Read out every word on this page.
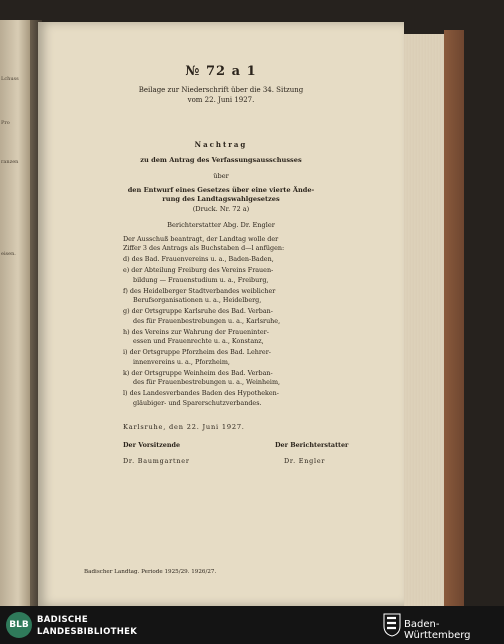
Lchuss
Pro
ranzen
eisen.
№ 72 a 1
Beilage zur Niederschrift über die 34. Sitzung
vom 22. Juni 1927.
Nachtrag
zu dem Antrag des Verfassungsausschusses
über
den Entwurf eines Gesetzes über eine vierte Ände-
rung des Landtagswahlgesetzes
(Druck. Nr. 72 a)
Berichterstatter Abg. Dr. Engler
Der Ausschuß beantragt, der Landtag wolle der
Ziffer 3 des Antrags als Buchstaben d—l anfügen:
d) des Bad. Frauenvereins u. a., Baden-Baden,
e) der Abteilung Freiburg des Vereins Frauen-
bildung — Frauenstudium u. a., Freiburg,
f) des Heidelberger Stadtverbandes weiblicher
Berufsorganisationen u. a., Heidelberg,
g) der Ortsgruppe Karlsruhe des Bad. Verban-
des für Frauenbestrebungen u. a., Karlsruhe,
h) des Vereins zur Wahrung der Fraueninter-
essen und Frauenrechte u. a., Konstanz,
i) der Ortsgruppe Pforzheim des Bad. Lehrer-
innenvereins u. a., Pforzheim,
k) der Ortsgruppe Weinheim des Bad. Verban-
des für Frauenbestrebungen u. a., Weinheim,
l) des Landesverbandes Baden des Hypotheken-
gläubiger- und Sparerschutzverbandes.
Karlsruhe, den 22. Juni 1927.
Der Vorsitzende	Der Berichterstatter
Dr. Baumgartner	Dr. Engler
Badischer Landtag. Periode 1925/29. 1926/27.
BLB BADISCHE
LANDESBIBLIOTHEK
Baden-Württemberg
